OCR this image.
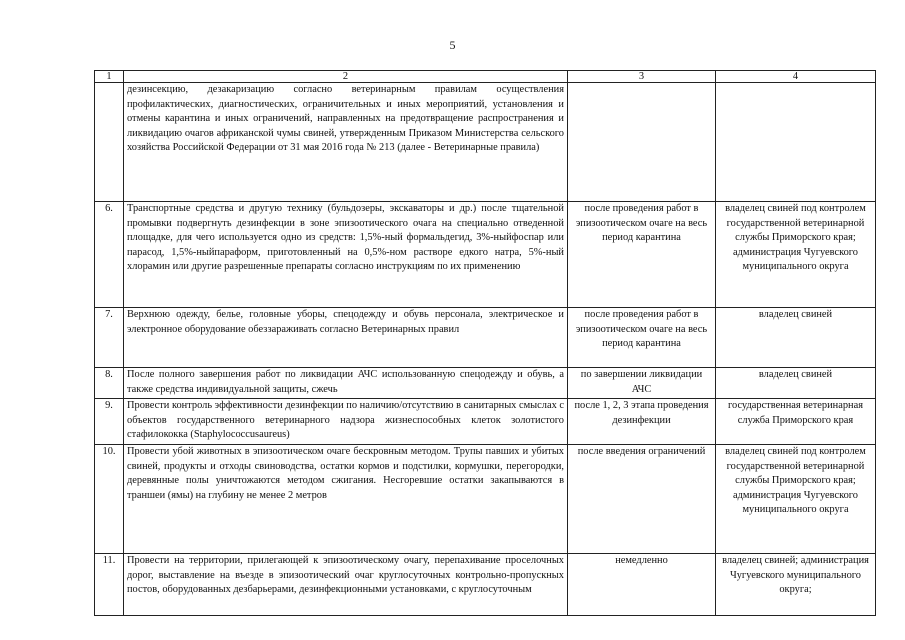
5
1	2	3	4
	дезинсекцию, дезакаризацию согласно ветеринарным правилам осуществления профилактических, диагностических, ограничительных и иных мероприятий, установления и отмены карантина и иных ограничений, направленных на предотвращение распространения и ликвидацию очагов африканской чумы свиней, утвержденным Приказом Министерства сельского хозяйства Российской Федерации от 31 мая 2016 года № 213 (далее - Ветеринарные правила)		
6.	Транспортные средства и другую технику (бульдозеры, экскаваторы и др.) после тщательной промывки подвергнуть дезинфекции в зоне эпизоотического очага на специально отведенной площадке, для чего используется одно из средств: 1,5%-ный формальдегид, 3%-ныйфоспар или парасод, 1,5%-ныйпараформ, приготовленный на 0,5%-ном растворе едкого натра, 5%-ный хлорамин или другие разрешенные препараты согласно инструкциям по их применению	после проведения работ в эпизоотическом очаге на весь период карантина	владелец свиней под контролем государственной ветеринарной службы Приморского края; администрация Чугуевского муниципального округа
7.	Верхнюю одежду, белье, головные уборы, спецодежду и обувь персонала, электрическое и электронное оборудование обеззараживать согласно Ветеринарных правил	после проведения работ в эпизоотическом очаге на весь период карантина	владелец свиней
8.	После полного завершения работ по ликвидации АЧС использованную спецодежду и обувь, а также средства индивидуальной защиты, сжечь	по завершении ликвидации АЧС	владелец свиней
9.	Провести контроль эффективности дезинфекции по наличию/отсутствию в санитарных смыслах с объектов государственного ветеринарного надзора жизнеспособных клеток золотистого стафилококка (Staphylococcusaureus)	после 1, 2, 3 этапа проведения дезинфекции	государственная ветеринарная служба Приморского края
10.	Провести убой животных в эпизоотическом очаге бескровным методом. Трупы павших и убитых свиней, продукты и отходы свиноводства, остатки кормов и подстилки, кормушки, перегородки, деревянные полы уничтожаются методом сжигания. Несгоревшие остатки закапываются в траншеи (ямы) на глубину не менее 2 метров	после введения ограничений	владелец свиней под контролем государственной ветеринарной службы Приморского края; администрация Чугуевского муниципального округа
11.	Провести на территории, прилегающей к эпизоотическому очагу, перепахивание проселочных дорог, выставление на въезде в эпизоотический очаг круглосуточных контрольно-пропускных постов, оборудованных дезбарьерами, дезинфекционными установками, с круглосуточным	немедленно	владелец свиней; администрация Чугуевского муниципального округа;
